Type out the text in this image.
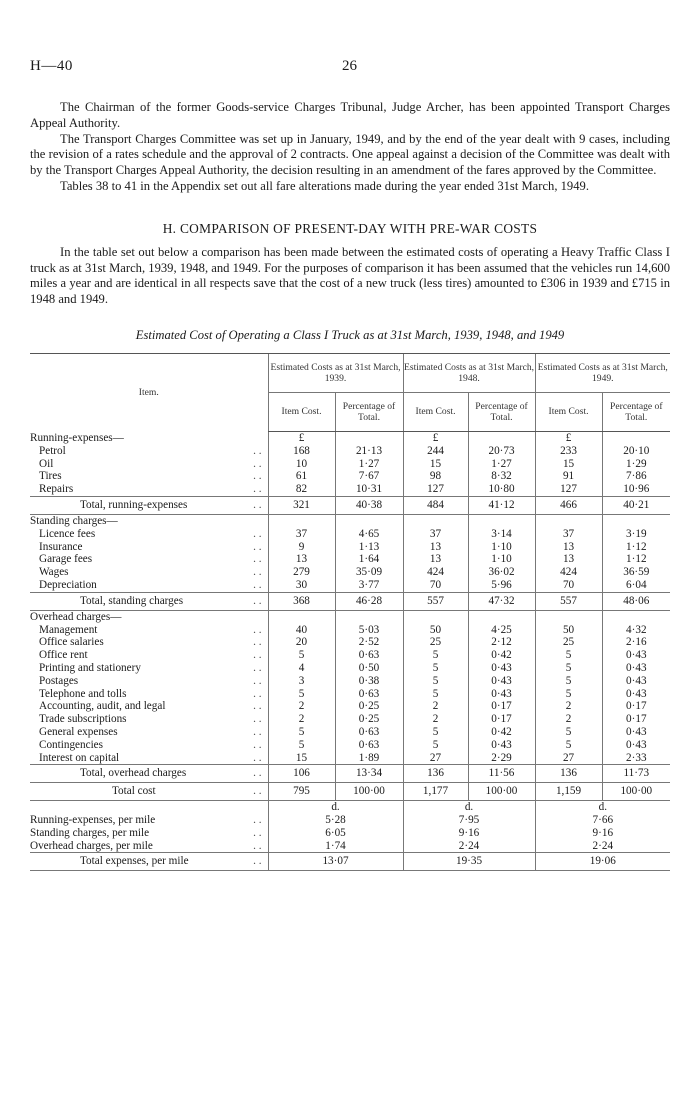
H—40	26

The Chairman of the former Goods-service Charges Tribunal, Judge Archer, has been appointed Transport Charges Appeal Authority.

The Transport Charges Committee was set up in January, 1949, and by the end of the year dealt with 9 cases, including the revision of a rates schedule and the approval of 2 contracts. One appeal against a decision of the Committee was dealt with by the Transport Charges Appeal Authority, the decision resulting in an amendment of the fares approved by the Committee.

Tables 38 to 41 in the Appendix set out all fare alterations made during the year ended 31st March, 1949.

H. COMPARISON OF PRESENT-DAY WITH PRE-WAR COSTS

In the table set out below a comparison has been made between the estimated costs of operating a Heavy Traffic Class I truck as at 31st March, 1939, 1948, and 1949. For the purposes of comparison it has been assumed that the vehicles run 14,600 miles a year and are identical in all respects save that the cost of a new truck (less tires) amounted to £306 in 1939 and £715 in 1948 and 1949.

Estimated Cost of Operating a Class I Truck as at 31st March, 1939, 1948, and 1949
Item.	Estimated Costs as at 31st March, 1939.		Estimated Costs as at 31st March, 1948.		Estimated Costs as at 31st March, 1949.	
	Item Cost.	Percentage of Total.	Item Cost.	Percentage of Total.	Item Cost.	Percentage of Total.
Running-expenses—	£		£		£	
Petrol . .	168	21·13	244	20·73	233	20·10
Oil . .	10	1·27	15	1·27	15	1·29
Tires . .	61	7·67	98	8·32	91	7·86
Repairs . .	82	10·31	127	10·80	127	10·96
Total, running-expenses . .	321	40·38	484	41·12	466	40·21
Standing charges—						
Licence fees . .	37	4·65	37	3·14	37	3·19
Insurance . .	9	1·13	13	1·10	13	1·12
Garage fees . .	13	1·64	13	1·10	13	1·12
Wages . .	279	35·09	424	36·02	424	36·59
Depreciation . .	30	3·77	70	5·96	70	6·04
Total, standing charges . .	368	46·28	557	47·32	557	48·06
Overhead charges—						
Management . .	40	5·03	50	4·25	50	4·32
Office salaries . .	20	2·52	25	2·12	25	2·16
Office rent . .	5	0·63	5	0·42	5	0·43
Printing and stationery . .	4	0·50	5	0·43	5	0·43
Postages . .	3	0·38	5	0·43	5	0·43
Telephone and tolls . .	5	0·63	5	0·43	5	0·43
Accounting, audit, and legal . .	2	0·25	2	0·17	2	0·17
Trade subscriptions . .	2	0·25	2	0·17	2	0·17
General expenses . .	5	0·63	5	0·42	5	0·43
Contingencies . .	5	0·63	5	0·43	5	0·43
Interest on capital . .	15	1·89	27	2·29	27	2·33
Total, overhead charges . .	106	13·34	136	11·56	136	11·73
Total cost . .	795	100·00	1,177	100·00	1,159	100·00
	d.		d.		d.	
Running-expenses, per mile . .	5·28		7·95		7·66	
Standing charges, per mile . .	6·05		9·16		9·16	
Overhead charges, per mile . .	1·74		2·24		2·24	
Total expenses, per mile . .	13·07		19·35		19·06	
